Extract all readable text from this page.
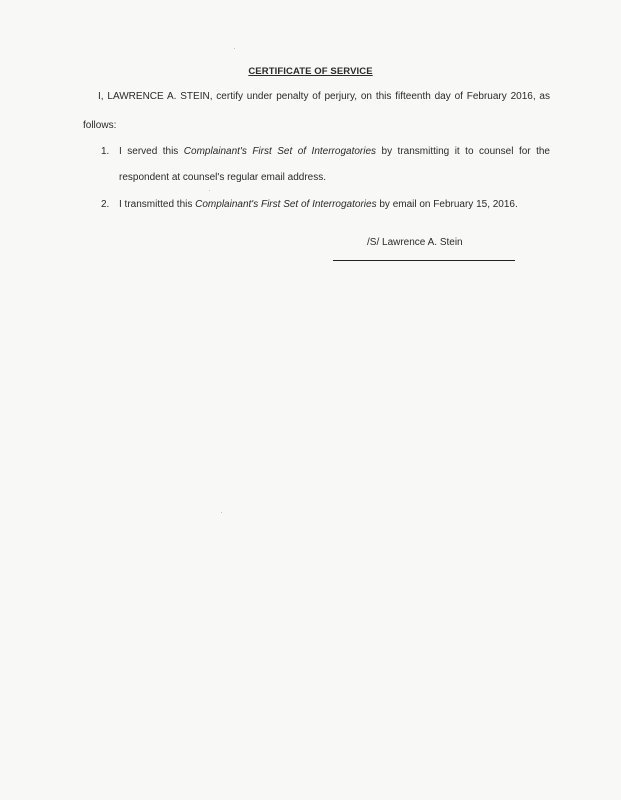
CERTIFICATE OF SERVICE
I, LAWRENCE A. STEIN, certify under penalty of perjury, on this fifteenth day of February 2016, as
follows:
1. I served this Complainant's First Set of Interrogatories by transmitting it to counsel for the
respondent at counsel's regular email address.
2. I transmitted this Complainant's First Set of Interrogatories by email on February 15, 2016.
/S/ Lawrence A. Stein
